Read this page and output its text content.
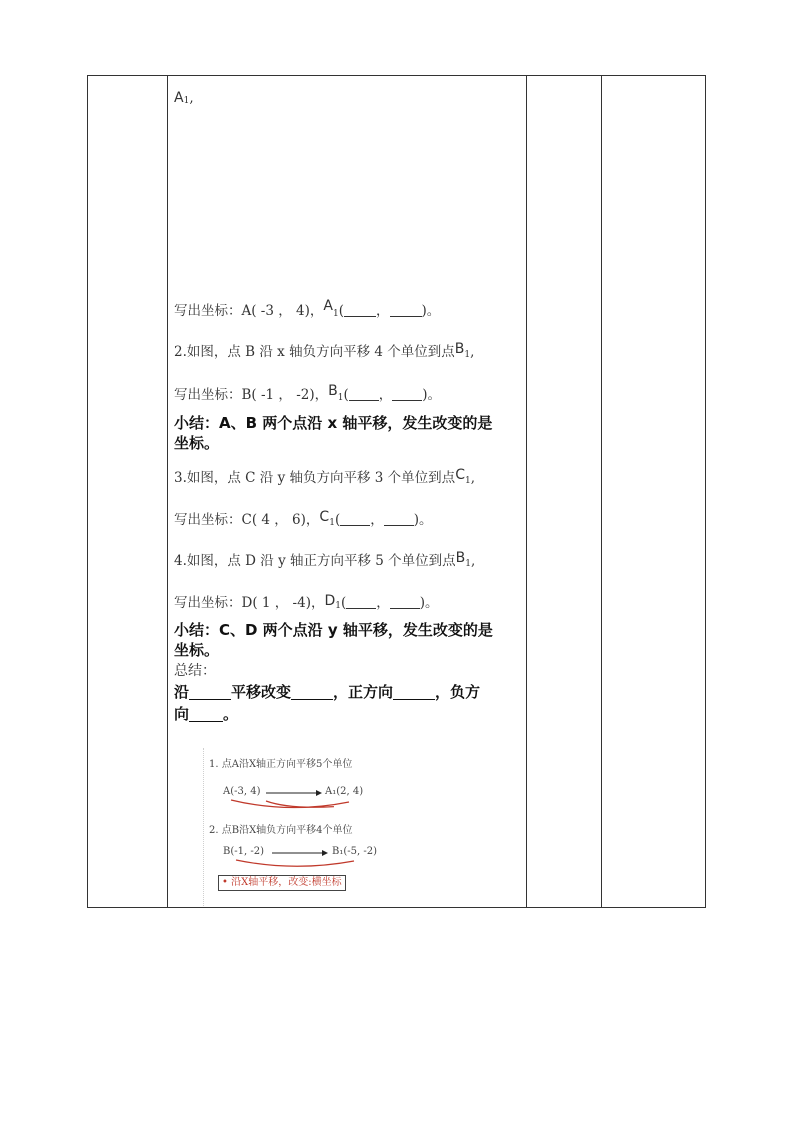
A1,
写出坐标：A( -3 ， 4)，A1( ， )。
2.如图，点 B 沿 x 轴负方向平移 4 个单位到点B1,
写出坐标：B( -1 ， -2)，B1( ， )。
小结：A、B 两个点沿 x 轴平移，发生改变的是
坐标。
3.如图，点 C 沿 y 轴负方向平移 3 个单位到点C1,
写出坐标：C( 4 ， 6)，C1( ， )。
4.如图，点 D 沿 y 轴正方向平移 5 个单位到点B1,
写出坐标：D( 1 ， -4)，D1( ， )。
小结：C、D 两个点沿 y 轴平移，发生改变的是
坐标。
总结：
沿	平移改变	，正方向	，负方
向 。
1. 点A沿X轴正方向平移5个单位
A(-3, 4)	A₁(2, 4)
2. 点B沿X轴负方向平移4个单位
B(-1, -2)	B₁(-5, -2)
• 沿X轴平移，改变:横坐标
